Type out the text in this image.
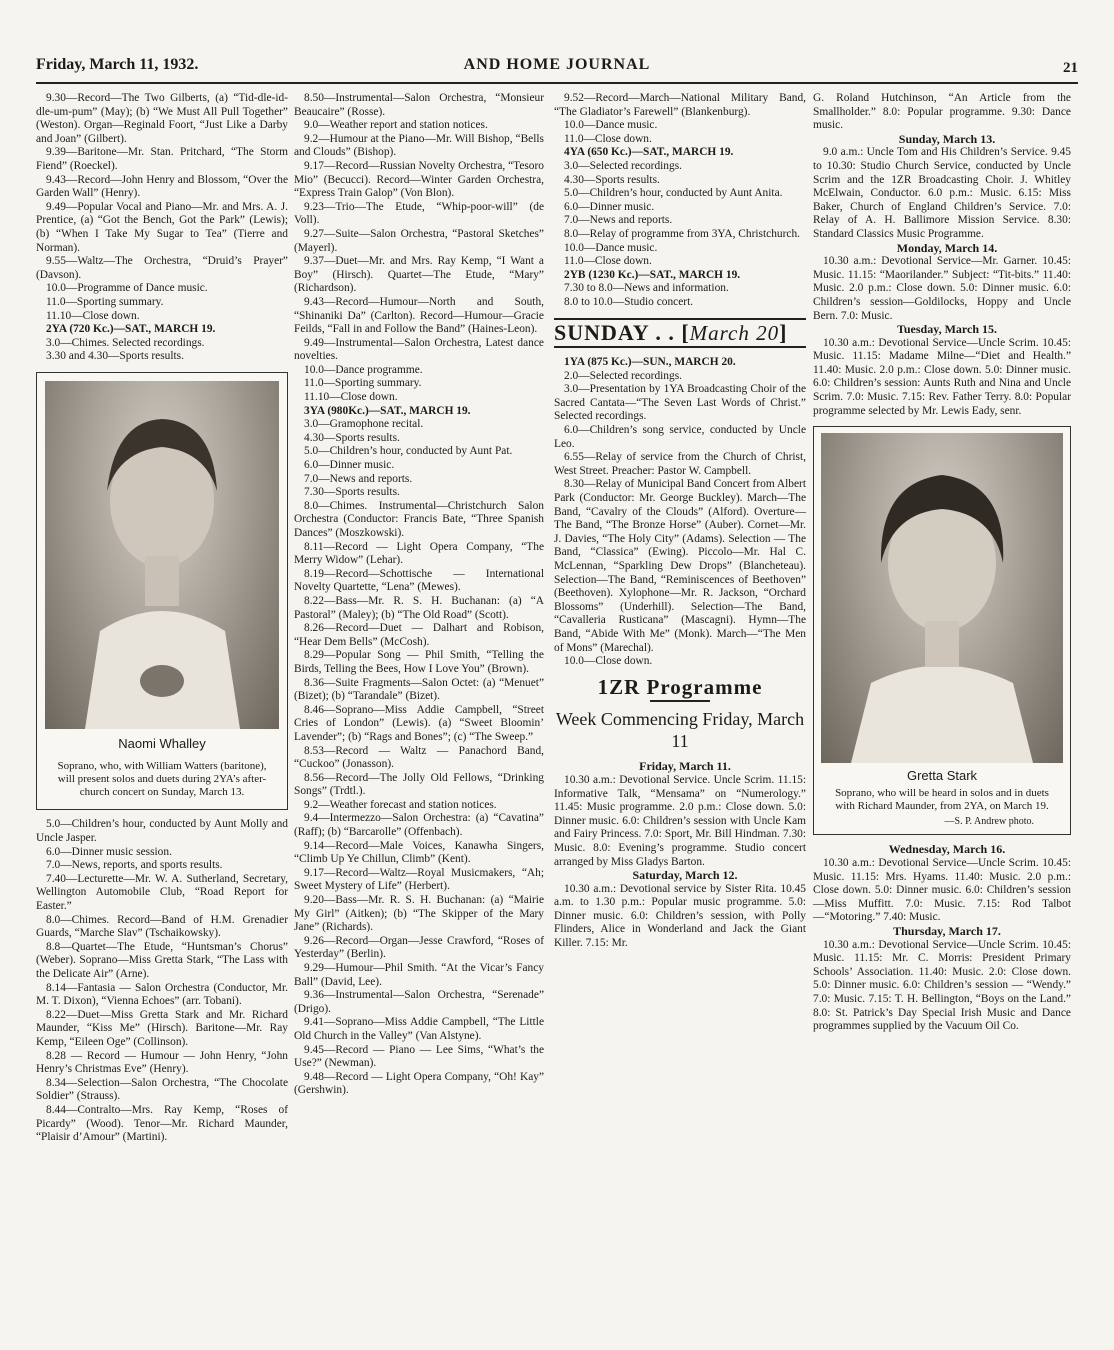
Friday, March 11, 1932.	AND HOME JOURNAL	21

9.30—Record—The Two Gilberts, (a) “Tid-dle-id-dle-um-pum” (May); (b) “We Must All Pull Together” (Weston). Organ—Reginald Foort, “Just Like a Darby and Joan” (Gilbert).

9.39—Baritone—Mr. Stan. Pritchard, “The Storm Fiend” (Roeckel).

9.43—Record—John Henry and Blossom, “Over the Garden Wall” (Henry).

9.49—Popular Vocal and Piano—Mr. and Mrs. A. J. Prentice, (a) “Got the Bench, Got the Park” (Lewis); (b) “When I Take My Sugar to Tea” (Tierre and Norman).

9.55—Waltz—The Orchestra, “Druid’s Prayer” (Davson).

10.0—Programme of Dance music.

11.0—Sporting summary.

11.10—Close down.

2YA (720 Kc.)—SAT., MARCH 19.

3.0—Chimes. Selected recordings.

3.30 and 4.30—Sports results.

Naomi Whalley
Soprano, who, with William Watters (baritone), will present solos and duets during 2YA’s after-church concert on Sunday, March 13.

5.0—Children’s hour, conducted by Aunt Molly and Uncle Jasper.

6.0—Dinner music session.

7.0—News, reports, and sports results.

7.40—Lecturette—Mr. W. A. Sutherland, Secretary, Wellington Automobile Club, “Road Report for Easter.”

8.0—Chimes. Record—Band of H.M. Grenadier Guards, “Marche Slav” (Tschaikowsky).

8.8—Quartet—The Etude, “Huntsman’s Chorus” (Weber). Soprano—Miss Gretta Stark, “The Lass with the Delicate Air” (Arne).

8.14—Fantasia — Salon Orchestra (Conductor, Mr. M. T. Dixon), “Vienna Echoes” (arr. Tobani).

8.22—Duet—Miss Gretta Stark and Mr. Richard Maunder, “Kiss Me” (Hirsch). Baritone—Mr. Ray Kemp, “Eileen Oge” (Collinson).

8.28 — Record — Humour — John Henry, “John Henry’s Christmas Eve” (Henry).

8.34—Selection—Salon Orchestra, “The Chocolate Soldier” (Strauss).

8.44—Contralto—Mrs. Ray Kemp, “Roses of Picardy” (Wood). Tenor—Mr. Richard Maunder, “Plaisir d’Amour” (Martini).

8.50—Instrumental—Salon Orchestra, “Monsieur Beaucaire” (Rosse).

9.0—Weather report and station notices.

9.2—Humour at the Piano—Mr. Will Bishop, “Bells and Clouds” (Bishop).

9.17—Record—Russian Novelty Orchestra, “Tesoro Mio” (Becucci). Record—Winter Garden Orchestra, “Express Train Galop” (Von Blon).

9.23—Trio—The Etude, “Whip-poor-will” (de Voll).

9.27—Suite—Salon Orchestra, “Pastoral Sketches” (Mayerl).

9.37—Duet—Mr. and Mrs. Ray Kemp, “I Want a Boy” (Hirsch). Quartet—The Etude, “Mary” (Richardson).

9.43—Record—Humour—North and South, “Shinaniki Da” (Carlton). Record—Humour—Gracie Feilds, “Fall in and Follow the Band” (Haines-Leon).

9.49—Instrumental—Salon Orchestra, Latest dance novelties.

10.0—Dance programme.

11.0—Sporting summary.

11.10—Close down.

3YA (980Kc.)—SAT., MARCH 19.

3.0—Gramophone recital.

4.30—Sports results.

5.0—Children’s hour, conducted by Aunt Pat.

6.0—Dinner music.

7.0—News and reports.

7.30—Sports results.

8.0—Chimes. Instrumental—Christchurch Salon Orchestra (Conductor: Francis Bate, “Three Spanish Dances” (Moszkowski).

8.11—Record — Light Opera Company, “The Merry Widow” (Lehar).

8.19—Record—Schottische — International Novelty Quartette, “Lena” (Mewes).

8.22—Bass—Mr. R. S. H. Buchanan: (a) “A Pastoral” (Maley); (b) “The Old Road” (Scott).

8.26—Record—Duet — Dalhart and Robison, “Hear Dem Bells” (McCosh).

8.29—Popular Song — Phil Smith, “Telling the Birds, Telling the Bees, How I Love You” (Brown).

8.36—Suite Fragments—Salon Octet: (a) “Menuet” (Bizet); (b) “Tarandale” (Bizet).

8.46—Soprano—Miss Addie Campbell, “Street Cries of London” (Lewis). (a) “Sweet Bloomin’ Lavender”; (b) “Rags and Bones”; (c) “The Sweep.”

8.53—Record — Waltz — Panachord Band, “Cuckoo” (Jonasson).

8.56—Record—The Jolly Old Fellows, “Drinking Songs” (Trdtl.).

9.2—Weather forecast and station notices.

9.4—Intermezzo—Salon Orchestra: (a) “Cavatina” (Raff); (b) “Barcarolle” (Offenbach).

9.14—Record—Male Voices, Kanawha Singers, “Climb Up Ye Chillun, Climb” (Kent).

9.17—Record—Waltz—Royal Musicmakers, “Ah; Sweet Mystery of Life” (Herbert).

9.20—Bass—Mr. R. S. H. Buchanan: (a) “Mairie My Girl” (Aitken); (b) “The Skipper of the Mary Jane” (Richards).

9.26—Record—Organ—Jesse Crawford, “Roses of Yesterday” (Berlin).

9.29—Humour—Phil Smith. “At the Vicar’s Fancy Ball” (David, Lee).

9.36—Instrumental—Salon Orchestra, “Serenade” (Drigo).

9.41—Soprano—Miss Addie Campbell, “The Little Old Church in the Valley” (Van Alstyne).

9.45—Record — Piano — Lee Sims, “What’s the Use?” (Newman).

9.48—Record — Light Opera Company, “Oh! Kay” (Gershwin).

9.52—Record—March—National Military Band, “The Gladiator’s Farewell” (Blankenburg).

10.0—Dance music.

11.0—Close down.

4YA (650 Kc.)—SAT., MARCH 19.

3.0—Selected recordings.

4.30—Sports results.

5.0—Children’s hour, conducted by Aunt Anita.

6.0—Dinner music.

7.0—News and reports.

8.0—Relay of programme from 3YA, Christchurch.

10.0—Dance music.

11.0—Close down.

2YB (1230 Kc.)—SAT., MARCH 19.

7.30 to 8.0—News and information.

8.0 to 10.0—Studio concert.

SUNDAY . . [March 20]

1YA (875 Kc.)—SUN., MARCH 20.

2.0—Selected recordings.

3.0—Presentation by 1YA Broadcasting Choir of the Sacred Cantata—“The Seven Last Words of Christ.” Selected recordings.

6.0—Children’s song service, conducted by Uncle Leo.

6.55—Relay of service from the Church of Christ, West Street. Preacher: Pastor W. Campbell.

8.30—Relay of Municipal Band Concert from Albert Park (Conductor: Mr. George Buckley). March—The Band, “Cavalry of the Clouds” (Alford). Overture—The Band, “The Bronze Horse” (Auber). Cornet—Mr. J. Davies, “The Holy City” (Adams). Selection — The Band, “Classica” (Ewing). Piccolo—Mr. Hal C. McLennan, “Sparkling Dew Drops” (Blancheteau). Selection—The Band, “Reminiscences of Beethoven” (Beethoven). Xylophone—Mr. R. Jackson, “Orchard Blossoms” (Underhill). Selection—The Band, “Cavalleria Rusticana” (Mascagni). Hymn—The Band, “Abide With Me” (Monk). March—“The Men of Mons” (Marechal).

10.0—Close down.

1ZR Programme
Week Commencing Friday, March 11

Friday, March 11.

10.30 a.m.: Devotional Service. Uncle Scrim. 11.15: Informative Talk, “Mensama” on “Numerology.” 11.45: Music programme. 2.0 p.m.: Close down. 5.0: Dinner music. 6.0: Children’s session with Uncle Kam and Fairy Princess. 7.0: Sport, Mr. Bill Hindman. 7.30: Music. 8.0: Evening’s programme. Studio concert arranged by Miss Gladys Barton.

Saturday, March 12.

10.30 a.m.: Devotional service by Sister Rita. 10.45 a.m. to 1.30 p.m.: Popular music programme. 5.0: Dinner music. 6.0: Children’s session, with Polly Flinders, Alice in Wonderland and Jack the Giant Killer. 7.15: Mr.

G. Roland Hutchinson, “An Article from the Smallholder.” 8.0: Popular programme. 9.30: Dance music.

Sunday, March 13.

9.0 a.m.: Uncle Tom and His Children’s Service. 9.45 to 10.30: Studio Church Service, conducted by Uncle Scrim and the 1ZR Broadcasting Choir. J. Whitley McElwain, Conductor. 6.0 p.m.: Music. 6.15: Miss Baker, Church of England Children’s Service. 7.0: Relay of A. H. Ballimore Mission Service. 8.30: Standard Classics Music Programme.

Monday, March 14.

10.30 a.m.: Devotional Service—Mr. Garner. 10.45: Music. 11.15: “Maorilander.” Subject: “Tit-bits.” 11.40: Music. 2.0 p.m.: Close down. 5.0: Dinner music. 6.0: Children’s session—Goldilocks, Hoppy and Uncle Bern. 7.0: Music.

Tuesday, March 15.

10.30 a.m.: Devotional Service—Uncle Scrim. 10.45: Music. 11.15: Madame Milne—“Diet and Health.” 11.40: Music. 2.0 p.m.: Close down. 5.0: Dinner music. 6.0: Children’s session: Aunts Ruth and Nina and Uncle Scrim. 7.0: Music. 7.15: Rev. Father Terry. 8.0: Popular programme selected by Mr. Lewis Eady, senr.

Gretta Stark
Soprano, who will be heard in solos and in duets with Richard Maunder, from 2YA, on March 19.
—S. P. Andrew photo.

Wednesday, March 16.

10.30 a.m.: Devotional Service—Uncle Scrim. 10.45: Music. 11.15: Mrs. Hyams. 11.40: Music. 2.0 p.m.: Close down. 5.0: Dinner music. 6.0: Children’s session—Miss Muffitt. 7.0: Music. 7.15: Rod Talbot—“Motoring.” 7.40: Music.

Thursday, March 17.

10.30 a.m.: Devotional Service—Uncle Scrim. 10.45: Music. 11.15: Mr. C. Morris: President Primary Schools’ Association. 11.40: Music. 2.0: Close down. 5.0: Dinner music. 6.0: Children’s session — “Wendy.” 7.0: Music. 7.15: T. H. Bellington, “Boys on the Land.” 8.0: St. Patrick’s Day Special Irish Music and Dance programmes supplied by the Vacuum Oil Co.
